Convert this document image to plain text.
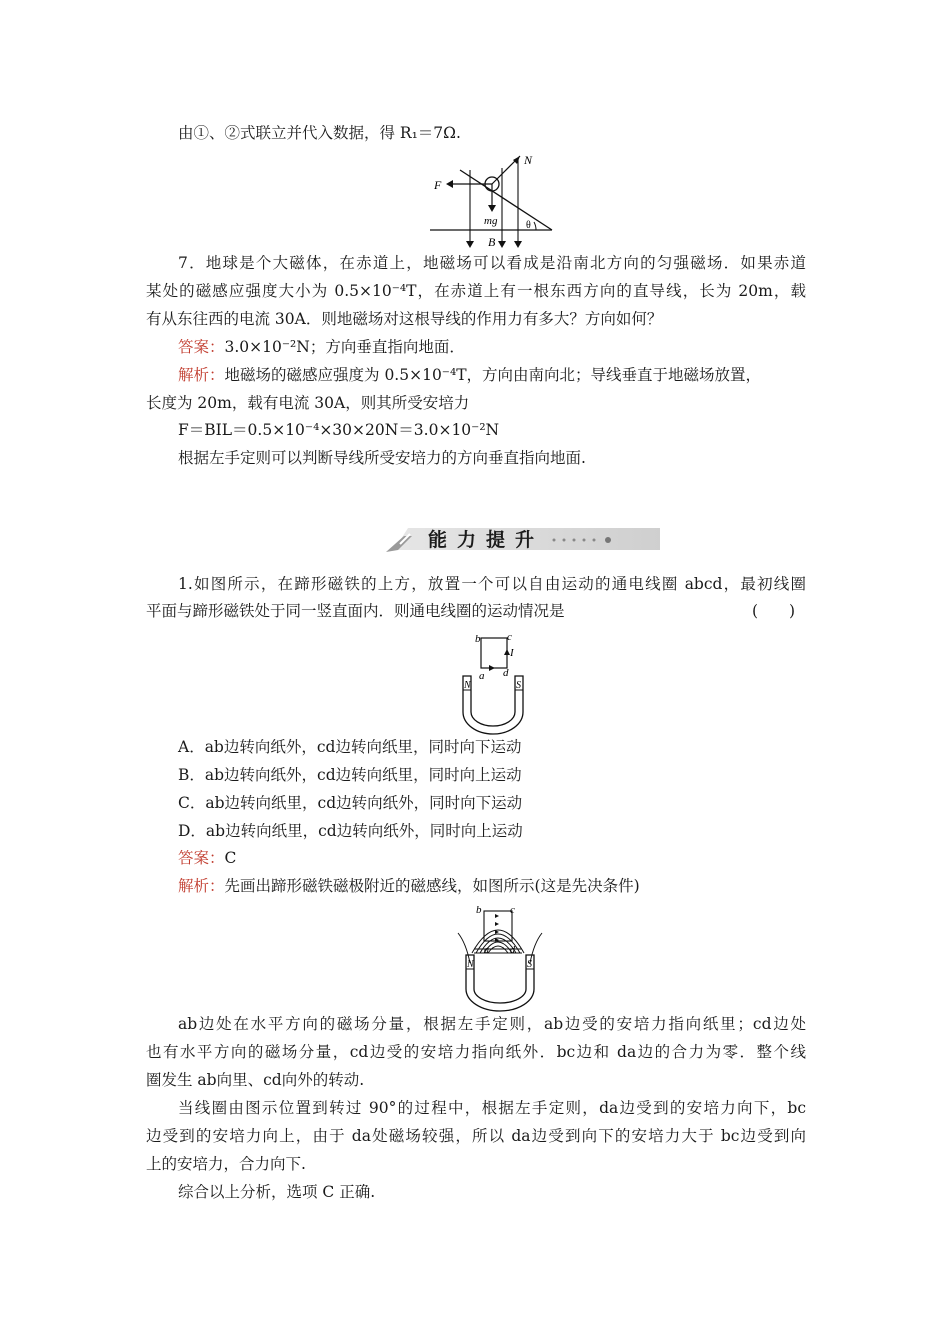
由①、②式联立并代入数据，得 R₁＝7Ω.
N
F
mg
B
θ
7．地球是个大磁体，在赤道上，地磁场可以看成是沿南北方向的匀强磁场．如果赤道
某处的磁感应强度大小为 0.5×10⁻⁴T，在赤道上有一根东西方向的直导线，长为 20m，载
有从东往西的电流 30A．则地磁场对这根导线的作用力有多大？方向如何？
答案：3.0×10⁻²N；方向垂直指向地面．
解析：地磁场的磁感应强度为 0.5×10⁻⁴T，方向由南向北；导线垂直于地磁场放置，
长度为 20m，载有电流 30A，则其所受安培力
F＝BIL＝0.5×10⁻⁴×30×20N＝3.0×10⁻²N
根据左手定则可以判断导线所受安培力的方向垂直指向地面.
能力提升
1.如图所示，在蹄形磁铁的上方，放置一个可以自由运动的通电线圈 abcd，最初线圈
平面与蹄形磁铁处于同一竖直面内．则通电线圈的运动情况是	(　　)
b c
I
d
a
N	S
A．ab边转向纸外，cd边转向纸里，同时向下运动
B．ab边转向纸外，cd边转向纸里，同时向上运动
C．ab边转向纸里，cd边转向纸外，同时向下运动
D．ab边转向纸里，cd边转向纸外，同时向上运动
答案：C
解析：先画出蹄形磁铁磁极附近的磁感线，如图所示(这是先决条件)
b	c
a d
N	S
ab边处在水平方向的磁场分量，根据左手定则，ab边受的安培力指向纸里；cd边处
也有水平方向的磁场分量，cd边受的安培力指向纸外．bc边和 da边的合力为零．整个线
圈发生 ab向里、cd向外的转动.
当线圈由图示位置到转过 90°的过程中，根据左手定则，da边受到的安培力向下，bc
边受到的安培力向上，由于 da处磁场较强，所以 da边受到向下的安培力大于 bc边受到向
上的安培力，合力向下.
综合以上分析，选项 C 正确.
